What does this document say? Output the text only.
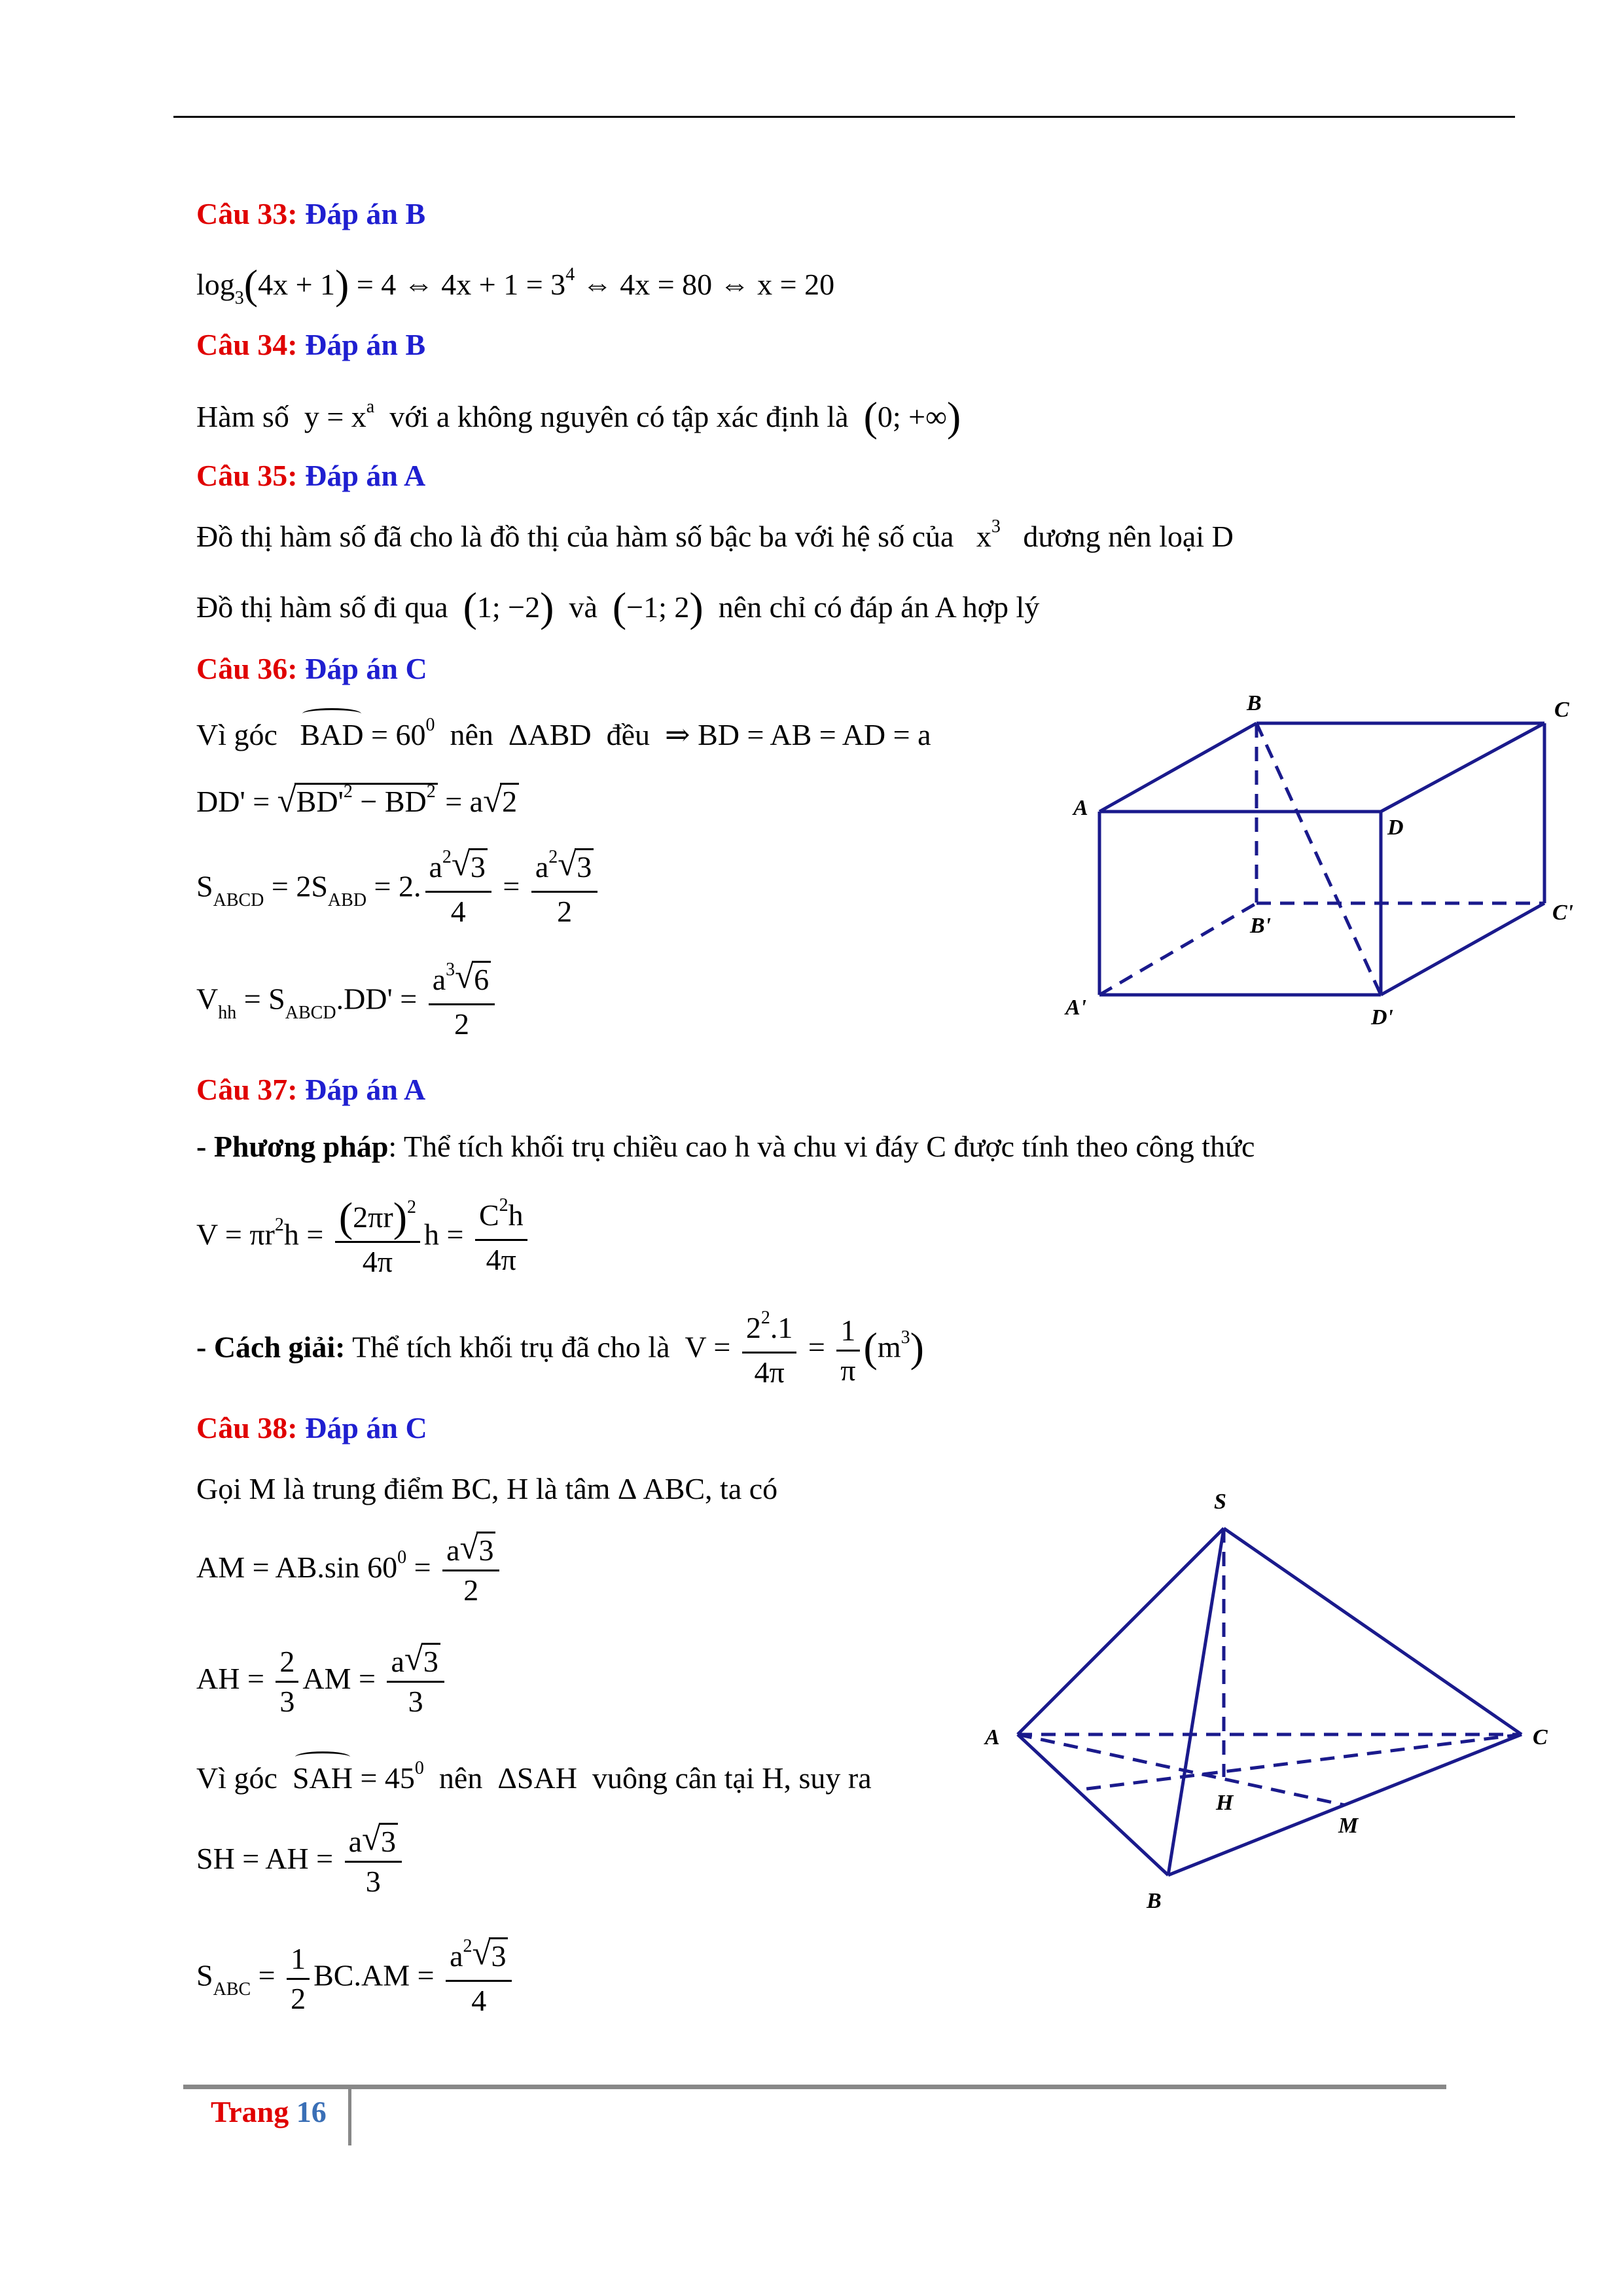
Câu 33: Đáp án B
$\log_3(4x + 1) = 4$ ⇔ $4x + 1 = 3^4$ ⇔ 4x = 80 ⇔ x = 20
Câu 34: Đáp án B
Hàm số  $y = x^a$ với a không nguyên có tập xác định là (0; +∞)
Câu 35: Đáp án A
Đồ thị hàm số đã cho là đồ thị của hàm số bậc ba với hệ số của   $x^3$ dương nên loại D
Đồ thị hàm số đi qua (1; −2) và (−1; 2) nên chỉ có đáp án A hợp lý
Câu 36: Đáp án C
Vì góc BAD = $60^0$ nên  ΔABD  đều  ⇒ BD = AB = AD = a
DD' = √ $BD'^2 - BD^2 = a√$ 2
$S_{ABCD} = 2S_{ABD} = 2$. $\frac{a^2√ 3}{4} = \frac{a^2√ 3}{2}$
$V_{hh} = S_{ABCD}.DD' = \frac{a^3√ 6}{2}$
B	C
A
D
B'
C'
A'	D'
Câu 37: Đáp án A
- Phương pháp: Thể tích khối trụ chiều cao h và chu vi đáy C được tính theo công thức
$V = \pi r^2h = \frac{(2\pi r)^2}{4\pi}$ $h = \frac{C^2h}{4\pi}$
- Cách giải: Thể tích khối trụ đã cho là  $V = \frac{2^2.1}{4\pi} = \frac{1}{\pi} (m^3)$
Câu 38: Đáp án C
Gọi M là trung điểm BC, H là tâm Δ ABC, ta có
AM = AB.sin $60^0 = \frac{a√ 3}{2}$
AH = $\frac{2}{3}$ AM = $\frac{a√ 3}{3}$
Vì góc SAH = $45^0$ nên  ΔSAH  vuông cân tại H, suy ra
SH = AH = $\frac{a√ 3}{3}$
$S_{ABC} = \frac{1}{2} BC.AM = \frac{a^2√ 3}{4}$
S
A	C
H
M
B
Trang 16
